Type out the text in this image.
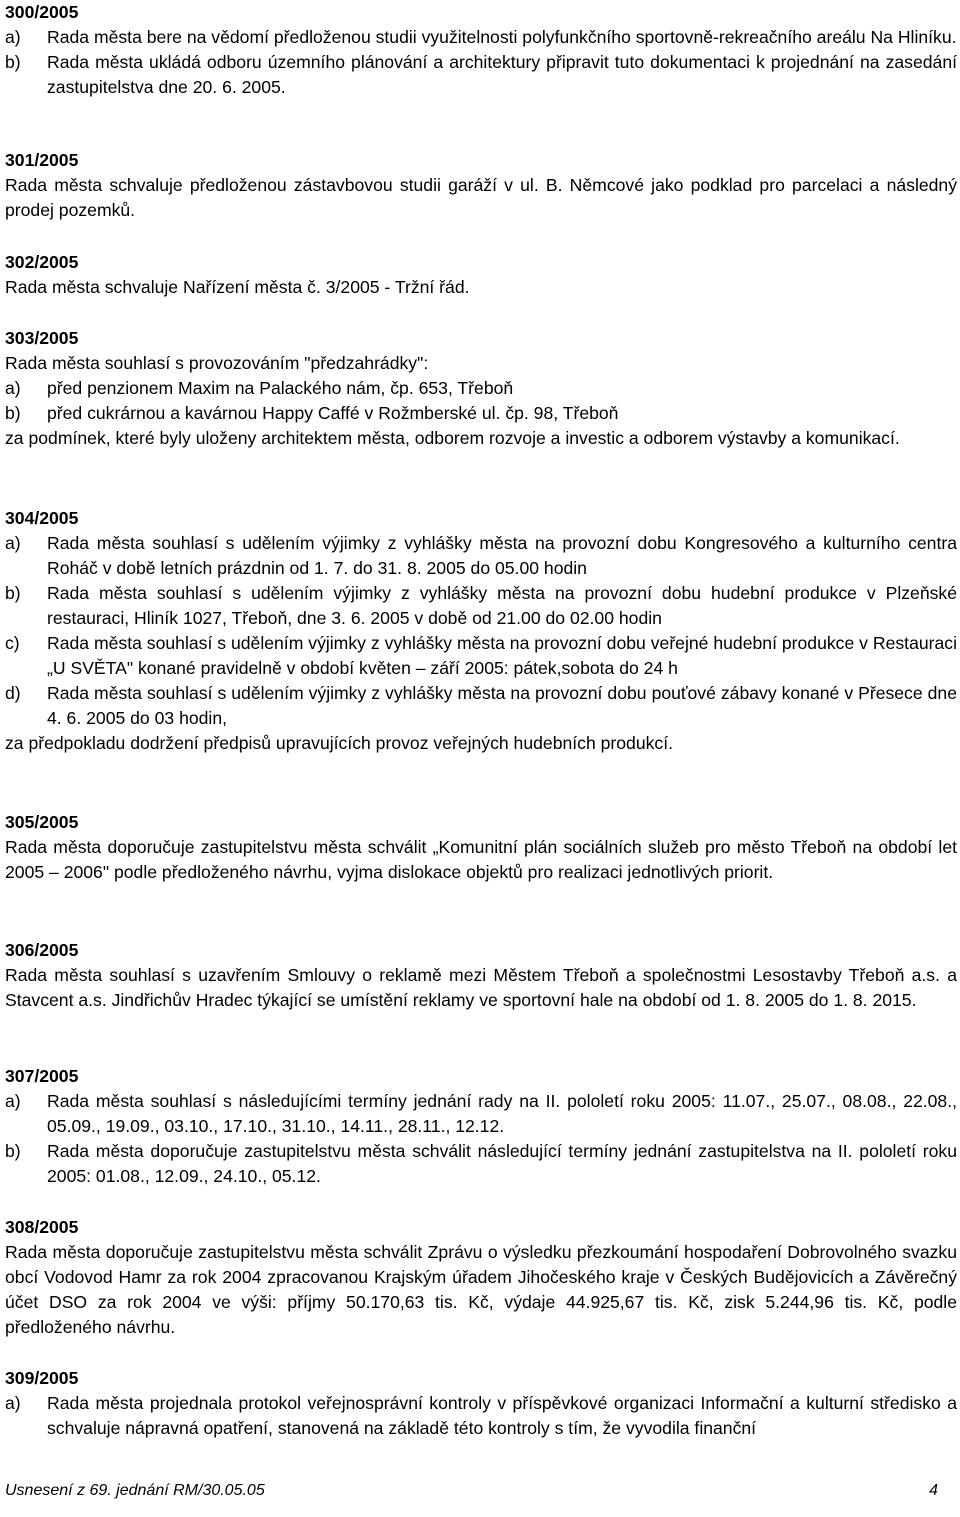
300/2005
a)	Rada města bere na vědomí předloženou studii využitelnosti polyfunkčního sportovně-rekreačního areálu Na Hliníku.
b)	Rada města ukládá odboru územního plánování a architektury připravit tuto dokumentaci k projednání na zasedání zastupitelstva dne 20. 6. 2005.
301/2005

Rada města schvaluje předloženou zástavbovou studii garáží v ul. B. Němcové jako podklad pro parcelaci a následný prodej pozemků.

302/2005

Rada města schvaluje Nařízení města č. 3/2005 - Tržní řád.

303/2005

Rada města souhlasí s provozováním "předzahrádky":

a)	před penzionem Maxim na Palackého nám, čp. 653, Třeboň
b)	před cukrárnou a kavárnou Happy Caffé v Rožmberské ul. čp. 98, Třeboň

za podmínek, které byly uloženy architektem města, odborem rozvoje a investic a odborem výstavby a komunikací.

304/2005
a)	Rada města souhlasí s udělením výjimky z vyhlášky města na provozní dobu Kongresového a kulturního centra Roháč v době letních prázdnin od 1. 7. do 31. 8. 2005 do 05.00 hodin
b)	Rada města souhlasí s udělením výjimky z vyhlášky města na provozní dobu hudební produkce v Plzeňské restauraci, Hliník 1027, Třeboň, dne 3. 6. 2005 v době od 21.00 do 02.00 hodin
c)	Rada města souhlasí s udělením výjimky z vyhlášky města na provozní dobu veřejné hudební produkce v Restauraci „U SVĚTA" konané pravidelně v období květen – září 2005: pátek,sobota do 24 h
d)	Rada města souhlasí s udělením výjimky z vyhlášky města na provozní dobu pouťové zábavy konané v Přesece dne 4. 6. 2005 do 03 hodin,

za předpokladu dodržení předpisů upravujících provoz veřejných hudebních produkcí.

305/2005

Rada města doporučuje zastupitelstvu města schválit „Komunitní plán sociálních služeb pro město Třeboň na období let 2005 – 2006" podle předloženého návrhu, vyjma dislokace objektů pro realizaci jednotlivých priorit.

306/2005

Rada města souhlasí s uzavřením Smlouvy o reklamě mezi Městem Třeboň a společnostmi Lesostavby Třeboň a.s. a Stavcent a.s. Jindřichův Hradec týkající se umístění reklamy ve sportovní hale na období od 1. 8. 2005 do 1. 8. 2015.

307/2005
a)	Rada města souhlasí s následujícími termíny jednání rady na II. pololetí roku 2005: 11.07., 25.07., 08.08., 22.08., 05.09., 19.09., 03.10., 17.10., 31.10., 14.11., 28.11., 12.12.
b)	Rada města doporučuje zastupitelstvu města schválit následující termíny jednání zastupitelstva na II. pololetí roku 2005: 01.08., 12.09., 24.10., 05.12.
308/2005

Rada města doporučuje zastupitelstvu města schválit Zprávu o výsledku přezkoumání hospodaření Dobrovolného svazku obcí Vodovod Hamr za rok 2004 zpracovanou Krajským úřadem Jihočeského kraje v Českých Budějovicích a Závěrečný účet DSO za rok 2004 ve výši: příjmy 50.170,63 tis. Kč, výdaje 44.925,67 tis. Kč, zisk 5.244,96 tis. Kč, podle předloženého návrhu.

309/2005
a)	Rada města projednala protokol veřejnosprávní kontroly v příspěvkové organizaci Informační a kulturní středisko a schvaluje nápravná opatření, stanovená na základě této kontroly s tím, že vyvodila finanční
Usnesení z 69. jednání RM/30.05.05	4
